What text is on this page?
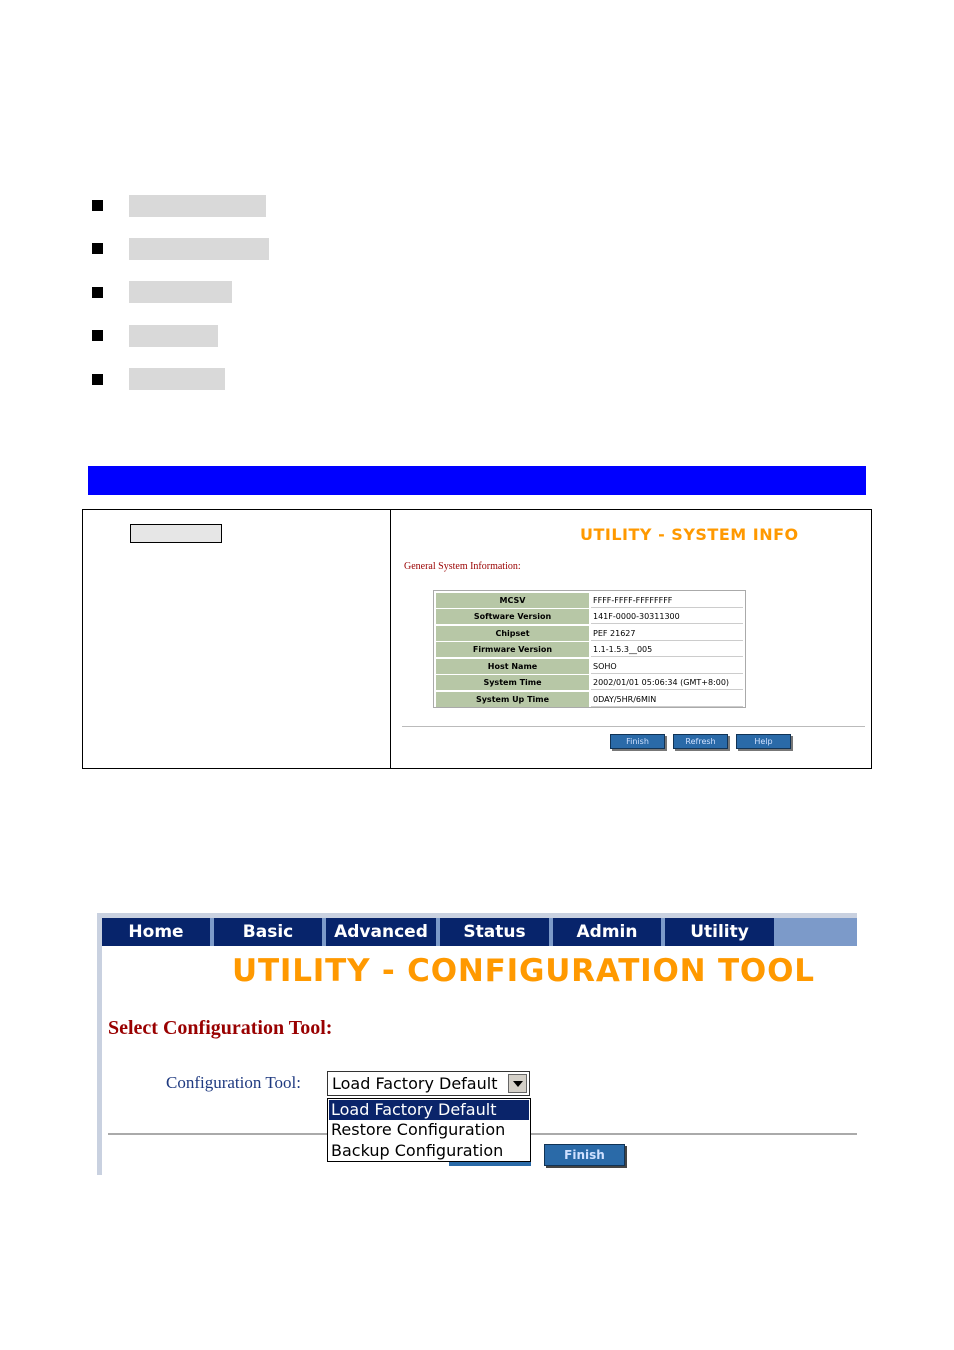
UTILITY - SYSTEM INFO
General System Information:
MCSV	FFFF-FFFF-FFFFFFFF
Software Version	141F-0000-30311300
Chipset	PEF 21627
Firmware Version	1.1-1.5.3__005
Host Name	SOHO
System Time	2002/01/01 05:06:34 (GMT+8:00)
System Up Time	0DAY/5HR/6MIN
Finish	Refresh	Help
Home	Basic	Advanced	Status	Admin	Utility
UTILITY - CONFIGURATION TOOL
Select Configuration Tool:
Configuration Tool: Load Factory Default
Finish
Load Factory Default
Restore Configuration
Backup Configuration
